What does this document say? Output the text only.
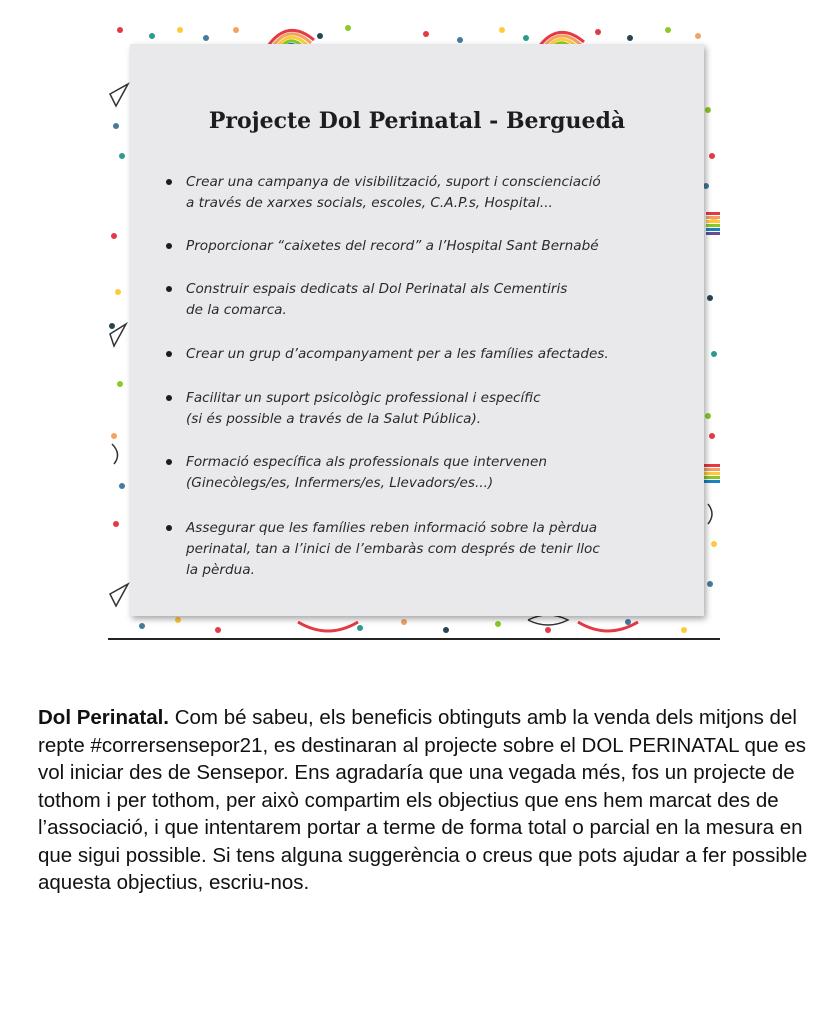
Projecte Dol Perinatal - Berguedà
Crear una campanya de visibilització, suport i conscienciació
a través de xarxes socials, escoles, C.A.P.s, Hospital...
Proporcionar “caixetes del record” a l’Hospital Sant Bernabé
Construir espais dedicats al Dol Perinatal als Cementiris
de la comarca.
Crear un grup d’acompanyament per a les famílies afectades.
Facilitar un suport psicològic professional i específic
(si és possible a través de la Salut Pública).
Formació específica als professionals que intervenen
(Ginecòlegs/es, Infermers/es, Llevadors/es...)
Assegurar que les famílies reben informació sobre la pèrdua
perinatal, tan a l’inici de l’embaràs com després de tenir lloc
la pèrdua.

Dol Perinatal. Com bé sabeu, els beneficis obtinguts amb la venda dels mitjons del repte #corrersensepor21, es destinaran al projecte sobre el DOL PERINATAL que es vol iniciar des de Sensepor. Ens agradaría que una vegada més, fos un projecte de tothom i per tothom, per això compartim els objectius que ens hem marcat des de l’associació, i que intentarem portar a terme de forma total o parcial en la mesura en que sigui possible. Si tens alguna suggerència o creus que pots ajudar a fer possible aquesta objectius, escriu-nos.
